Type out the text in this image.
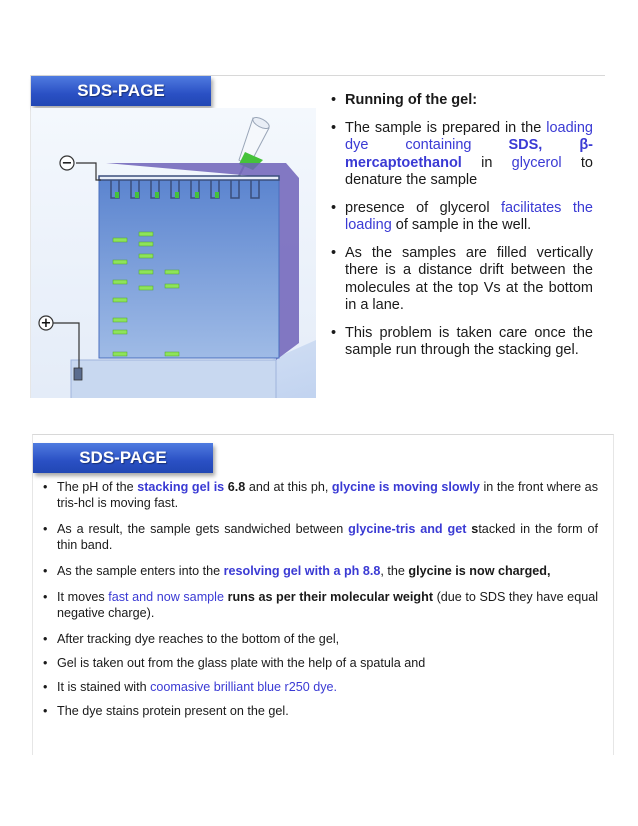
SDS-PAGE
−
+
• Running of the gel:
• The sample is prepared in the loading dye containing SDS, β-mercaptoethanol in glycerol to denature the sample
• presence of glycerol facilitates the loading of sample in the well.
• As the samples are filled vertically there is a distance drift between the molecules at the top Vs at the bottom in a lane.
• This problem is taken care once the sample run through the stacking gel.
SDS-PAGE
• The pH of the stacking gel is 6.8 and at this ph, glycine is moving slowly in the front where as tris-hcl is moving fast.
• As a result, the sample gets sandwiched between glycine-tris and get stacked in the form of thin band.
• As the sample enters into the resolving gel with a ph 8.8, the glycine is now charged,
• It moves fast and now sample runs as per their molecular weight (due to SDS they have equal negative charge).
• After tracking dye reaches to the bottom of the gel,
• Gel is taken out from the glass plate with the help of a spatula and
• It is stained with coomasive brilliant blue r250 dye.
• The dye stains protein present on the gel.
